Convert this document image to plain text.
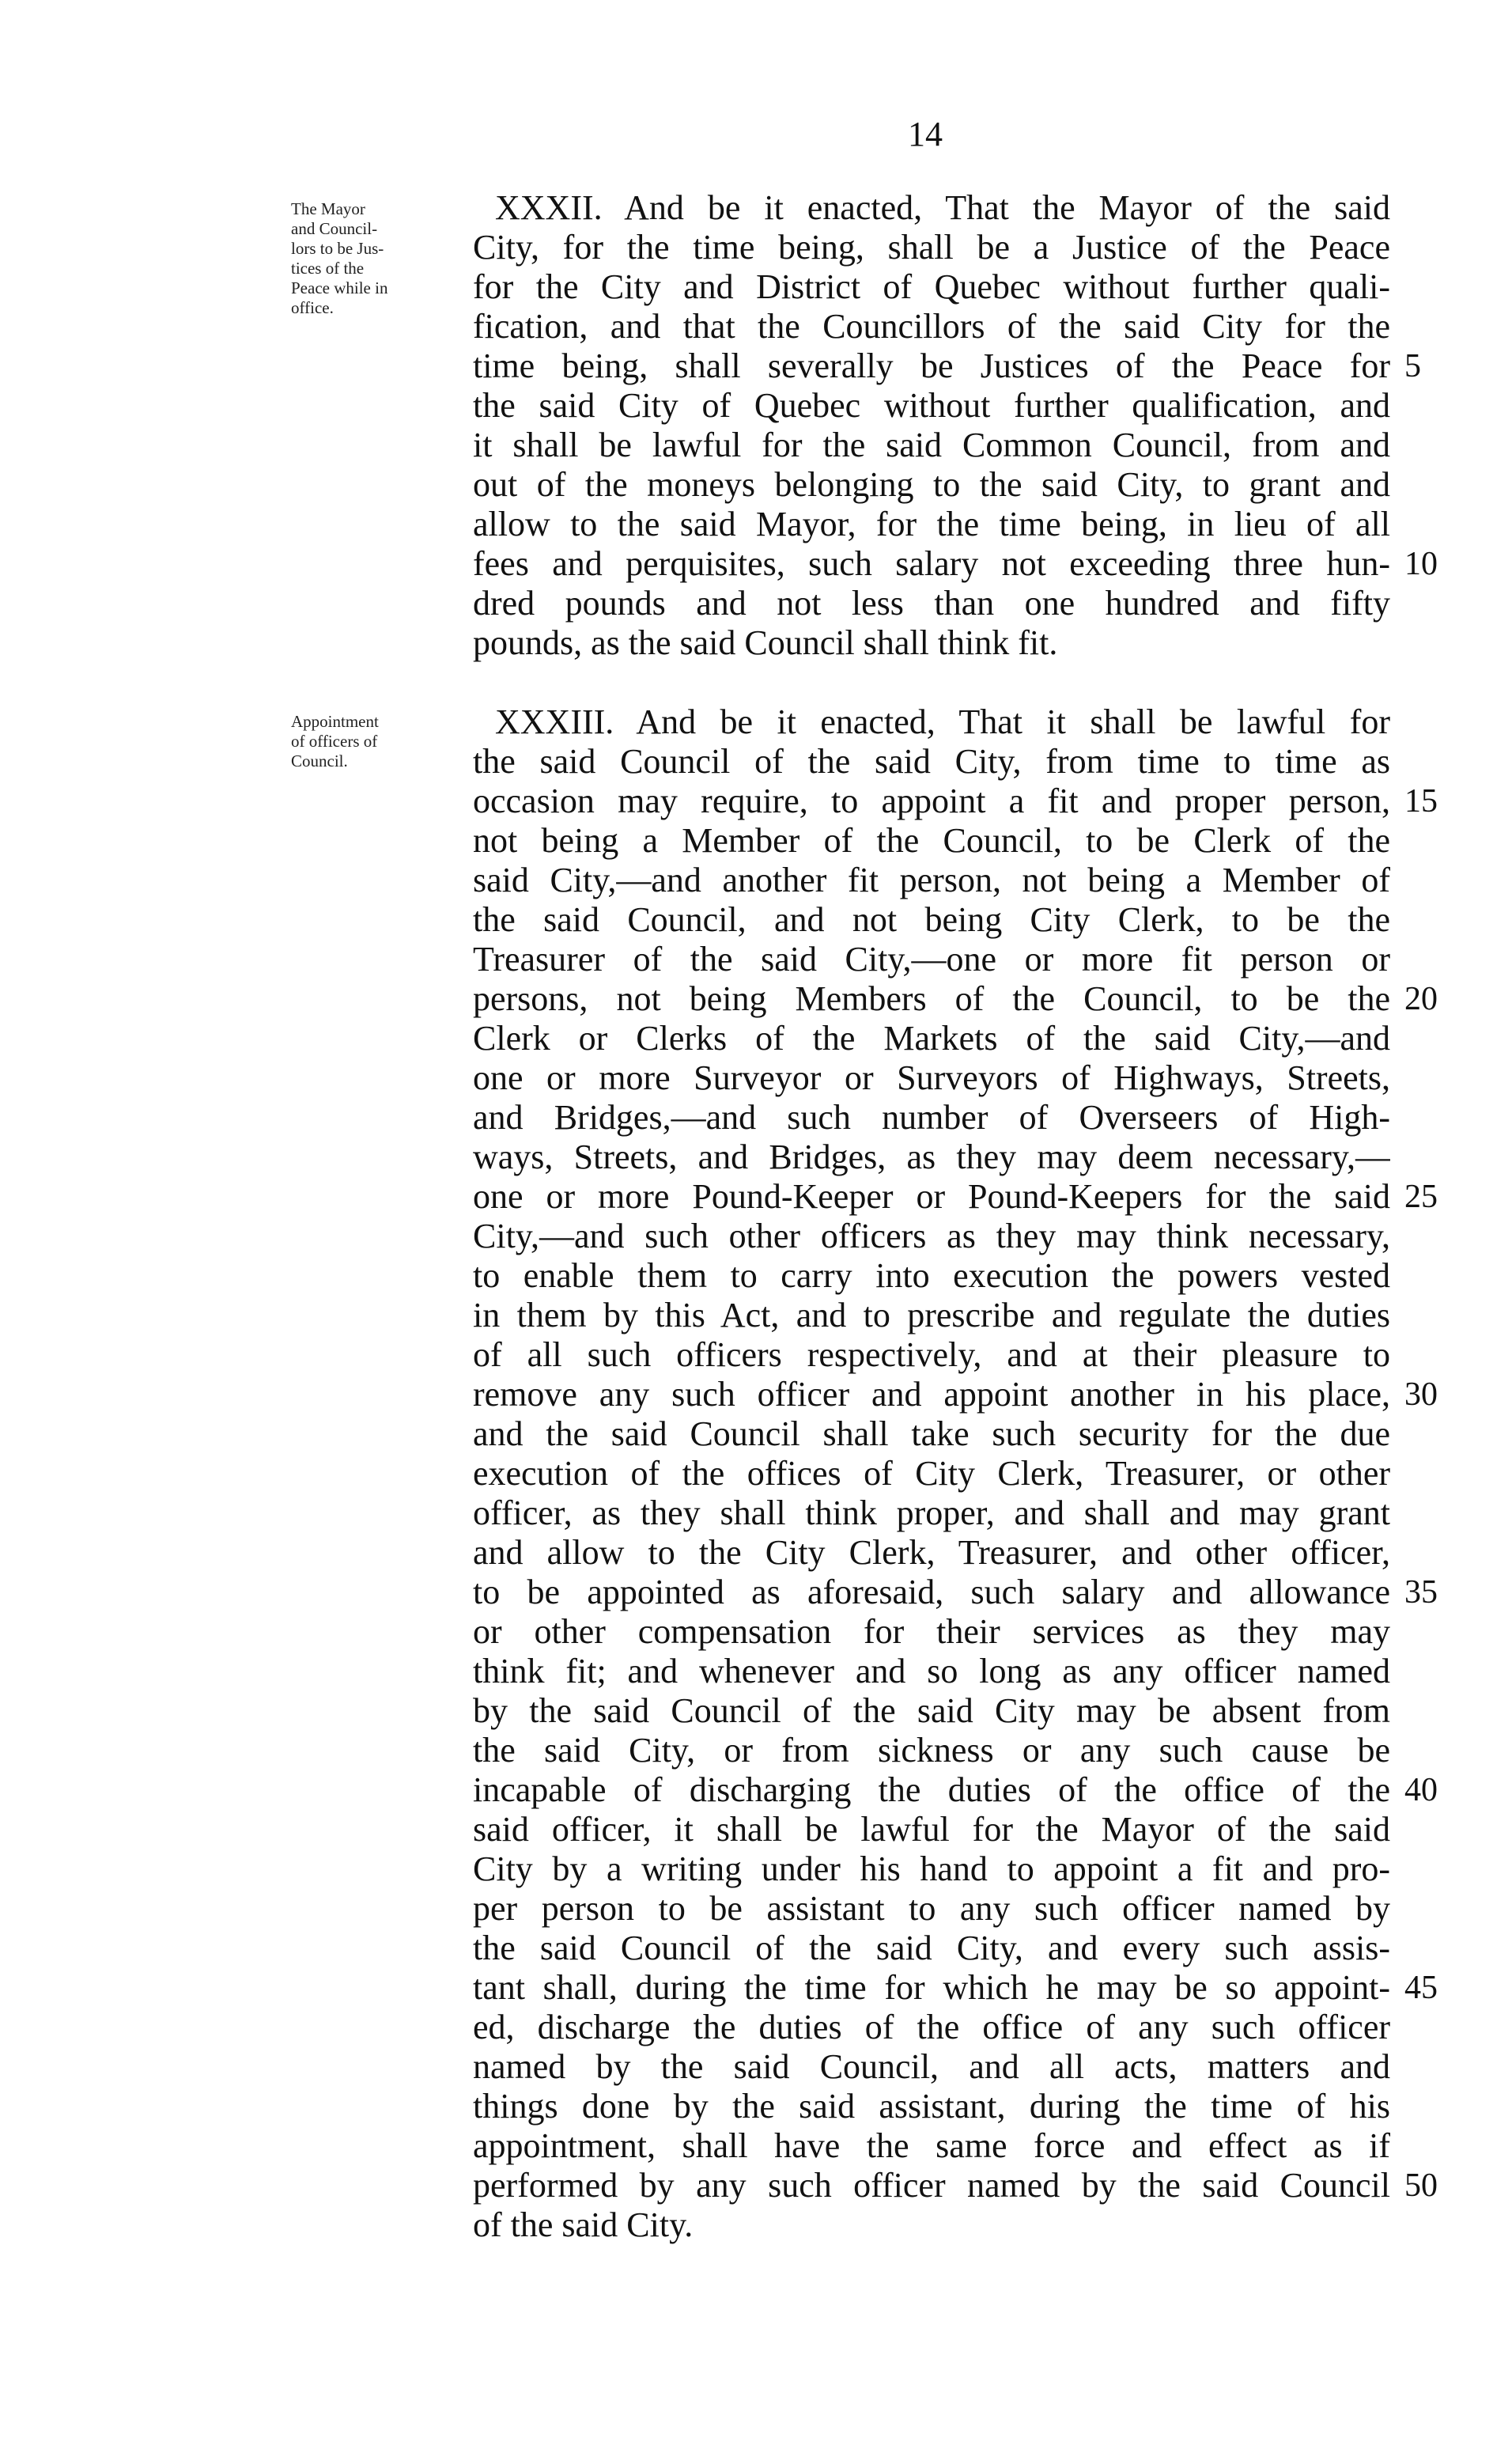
14
The Mayor
and Council-
lors to be Jus-
tices of the
Peace while in
office.
XXXII. And be it enacted, That the Mayor of the said
City, for the time being, shall be a Justice of the Peace
for the City and District of Quebec without further quali-
fication, and that the Councillors of the said City for the
time being, shall severally be Justices of the Peace for
the said City of Quebec without further qualification, and
it shall be lawful for the said Common Council, from and
out of the moneys belonging to the said City, to grant and
allow to the said Mayor, for the time being, in lieu of all
fees and perquisites, such salary not exceeding three hun-
dred pounds and not less than one hundred and fifty
pounds, as the said Council shall think fit.
Appointment
of officers of
Council.
XXXIII. And be it enacted, That it shall be lawful for
the said Council of the said City, from time to time as
occasion may require, to appoint a fit and proper person,
not being a Member of the Council, to be Clerk of the
said City,—and another fit person, not being a Member of
the said Council, and not being City Clerk, to be the
Treasurer of the said City,—one or more fit person or
persons, not being Members of the Council, to be the
Clerk or Clerks of the Markets of the said City,—and
one or more Surveyor or Surveyors of Highways, Streets,
and Bridges,—and such number of Overseers of High-
ways, Streets, and Bridges, as they may deem necessary,—
one or more Pound-Keeper or Pound-Keepers for the said
City,—and such other officers as they may think necessary,
to enable them to carry into execution the powers vested
in them by this Act, and to prescribe and regulate the duties
of all such officers respectively, and at their pleasure to
remove any such officer and appoint another in his place,
and the said Council shall take such security for the due
execution of the offices of City Clerk, Treasurer, or other
officer, as they shall think proper, and shall and may grant
and allow to the City Clerk, Treasurer, and other officer,
to be appointed as aforesaid, such salary and allowance
or other compensation for their services as they may
think fit; and whenever and so long as any officer named
by the said Council of the said City may be absent from
the said City, or from sickness or any such cause be
incapable of discharging the duties of the office of the
said officer, it shall be lawful for the Mayor of the said
City by a writing under his hand to appoint a fit and pro-
per person to be assistant to any such officer named by
the said Council of the said City, and every such assis-
tant shall, during the time for which he may be so appoint-
ed, discharge the duties of the office of any such officer
named by the said Council, and all acts, matters and
things done by the said assistant, during the time of his
appointment, shall have the same force and effect as if
performed by any such officer named by the said Council
of the said City.
5
10
15
20
25
30
35
40
45
50
